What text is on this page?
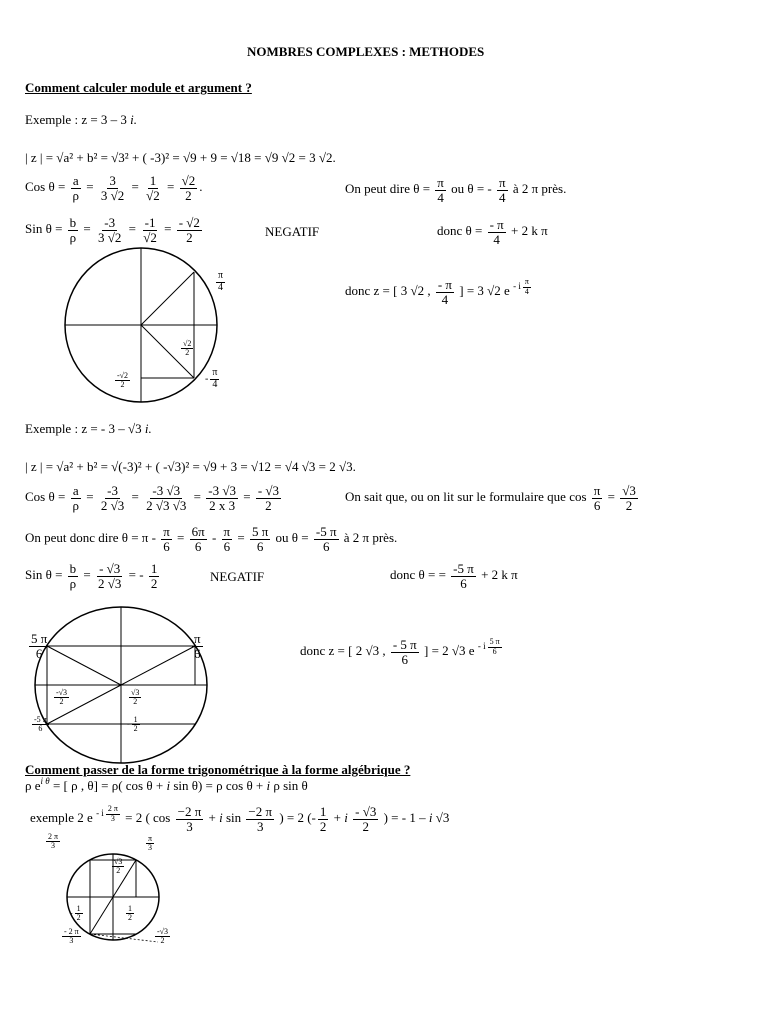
NOMBRES COMPLEXES : METHODES
Comment calculer module et argument ?
Exemple : z = 3 – 3 i.
| z | = √a² + b² = √3² + ( -3)² = √9 + 9 = √18 = √9 √2 = 3 √2.
Cos $\theta = \frac{a}{\rho} = \frac{3}{3 √2} = \frac{1}{√2} = \frac{√2}{2}$ .	On peut dire $\theta = \frac{\pi}{4}$ ou θ = - $\frac{\pi}{4}$ à 2 π près.
Sin $\theta = \frac{b}{\rho} = \frac{-3}{3 √2} = \frac{-1}{√2} = \frac{- √2}{2}$	NEGATIF	donc $\theta = \frac{- \pi}{4} + 2$ k π
$\frac{\pi}{4}$
- $\frac{\pi}{4}$
$\frac{√2}{2}$
$\frac{-√2}{2}$
donc z = [ 3 √2 , $\frac{- \pi}{4}$ ] = 3 √2 e $^{- i \frac{\pi}{4}}$
Exemple : z = - 3 – √3 i.
| z | = √a² + b² = √(-3)² + ( -√3)² = √9 + 3 = √12 = √4 √3 = 2 √3.
Cos $\theta = \frac{a}{\rho} = \frac{-3}{2 √3} = \frac{-3 √3}{2 √3 √3} = \frac{-3 √3}{2 x 3} = \frac{- √3}{2}$	On sait que, ou on lit sur le formulaire que $\cos \frac{\pi}{6} = \frac{√3}{2}$
On peut donc dire $\theta = \pi - \frac{\pi}{6} = \frac{6\pi}{6} - \frac{\pi}{6} = \frac{5 \pi}{6}$ ou $\theta = \frac{-5 \pi}{6}$ à 2 π près.
Sin $\theta = \frac{b}{\rho} = \frac{- √3}{2 √3}$ = - $\frac{1}{2}$	NEGATIF	donc θ = = $\frac{-5 \pi}{6} + 2$ k π
$\frac{5 \pi}{6}$	$\frac{\pi}{6}$
$\frac{-√3}{2}$	$\frac{√3}{2}$
$\frac{-5 \pi}{6}$	- $\frac{1}{2}$
donc z = [ 2 √3 , $\frac{- 5 \pi}{6}$ ] = 2 √3 e $^{- i \frac{5 \pi}{6}}$
Comment passer de la forme trigonométrique à la forme algébrique ?
ρ $e^{i \theta}$ = [ ρ , θ] = ρ( cos θ + i sin θ) = ρ cos θ + i ρ sin θ
exemple 2 e $^{- i \frac{2 \pi}{3}}$ = 2 ( $\cos \frac{-2 \pi}{3} + i$ $\sin \frac{-2 \pi}{3}$ ) = 2 (- $\frac{1}{2} + i \frac{- √3}{2}$ ) = - 1 – i √3
$\frac{2 \pi}{3}$	$\frac{\pi}{3}$
$\frac{√3}{2}$
- $\frac{1}{2}$	$\frac{1}{2}$
$\frac{- 2 \pi}{3}$	$\frac{-√3}{2}$
